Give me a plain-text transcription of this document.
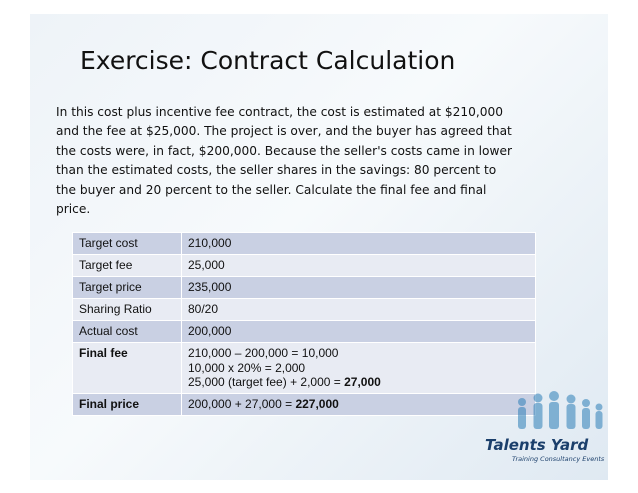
Exercise: Contract Calculation
In this cost plus incentive fee contract, the cost is estimated at $210,000
and the fee at $25,000. The project is over, and the buyer has agreed that
the costs were, in fact, $200,000. Because the seller's costs came in lower
than the estimated costs, the seller shares in the savings: 80 percent to
the buyer and 20 percent to the seller. Calculate the final fee and final
price.
Target cost	210,000
Target fee	25,000
Target price	235,000
Sharing Ratio	80/20
Actual cost	200,000
Final fee	210,000 – 200,000 = 10,000
10,000 x 20% = 2,000
25,000 (target fee) + 2,000 = 27,000

Final price	200,000 + 27,000 = 227,000
Talents Yard
Training Consultancy Events
